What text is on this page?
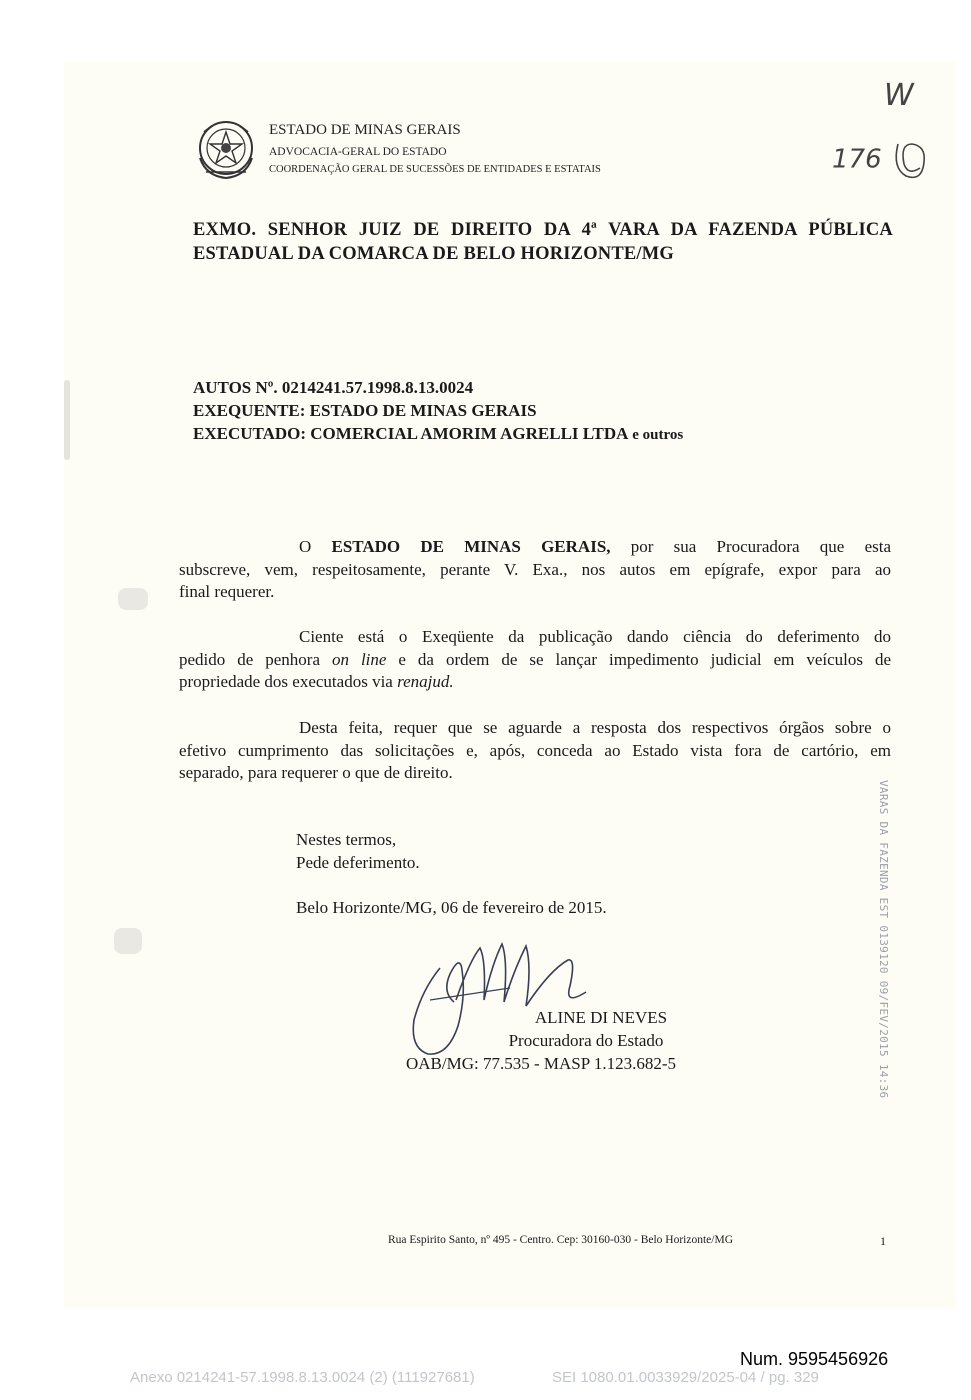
ESTADO DE MINAS GERAIS
ADVOCACIA-GERAL DO ESTADO
COORDENAÇÃO GERAL DE SUCESSÕES DE ENTIDADES E ESTATAIS
W
176
EXMO. SENHOR JUIZ DE DIREITO DA 4ª VARA DA FAZENDA PÚBLICA
ESTADUAL DA COMARCA DE BELO HORIZONTE/MG
AUTOS Nº. 0214241.57.1998.8.13.0024
EXEQUENTE: ESTADO DE MINAS GERAIS
EXECUTADO: COMERCIAL AMORIM AGRELLI LTDA e outros
O ESTADO DE MINAS GERAIS, por sua Procuradora que esta
subscreve, vem, respeitosamente, perante V. Exa., nos autos em epígrafe, expor para ao
final requerer.
Ciente está o Exeqüente da publicação dando ciência do deferimento do
pedido de penhora on line e da ordem de se lançar impedimento judicial em veículos de
propriedade dos executados via renajud.
Desta feita, requer que se aguarde a resposta dos respectivos órgãos sobre o
efetivo cumprimento das solicitações e, após, conceda ao Estado vista fora de cartório, em
separado, para requerer o que de direito.
Nestes termos,
Pede deferimento.
Belo Horizonte/MG, 06 de fevereiro de 2015.
ALINE DI NEVES
Procuradora do Estado
OAB/MG: 77.535 - MASP 1.123.682-5	VARAS DA FAZENDA EST 0139120 09/FEV/2015 14:36
Rua Espirito Santo, nº 495 - Centro. Cep: 30160-030 - Belo Horizonte/MG	1
Num. 9595456926
Anexo 0214241-57.1998.8.13.0024 (2) (111927681)	SEI 1080.01.0033929/2025-04 / pg. 329
